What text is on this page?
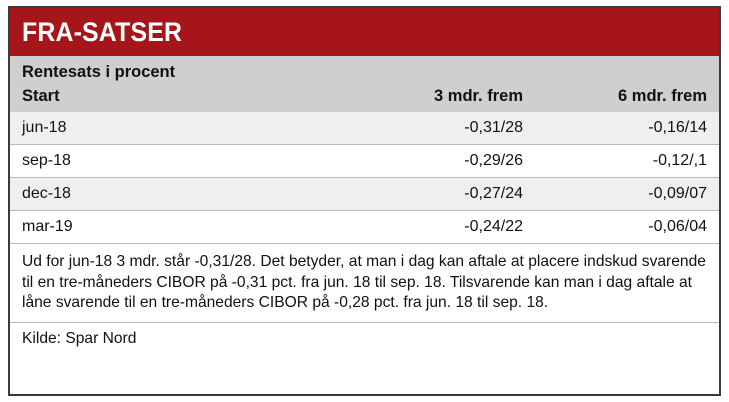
FRA-SATSER
Rentesats i procent
Start	3 mdr. frem	6 mdr. frem
jun-18	-0,31/28	-0,16/14
sep-18	-0,29/26	-0,12/,1
dec-18	-0,27/24	-0,09/07
mar-19	-0,24/22	-0,06/04
Ud for jun-18 3 mdr. står -0,31/28. Det betyder, at man i dag kan aftale at placere indskud svarende til en tre-måneders CIBOR på -0,31 pct. fra jun. 18 til sep. 18. Tilsvarende kan man i dag aftale at låne svarende til en tre-måneders CIBOR på -0,28 pct. fra jun. 18 til sep. 18.
Kilde: Spar Nord
